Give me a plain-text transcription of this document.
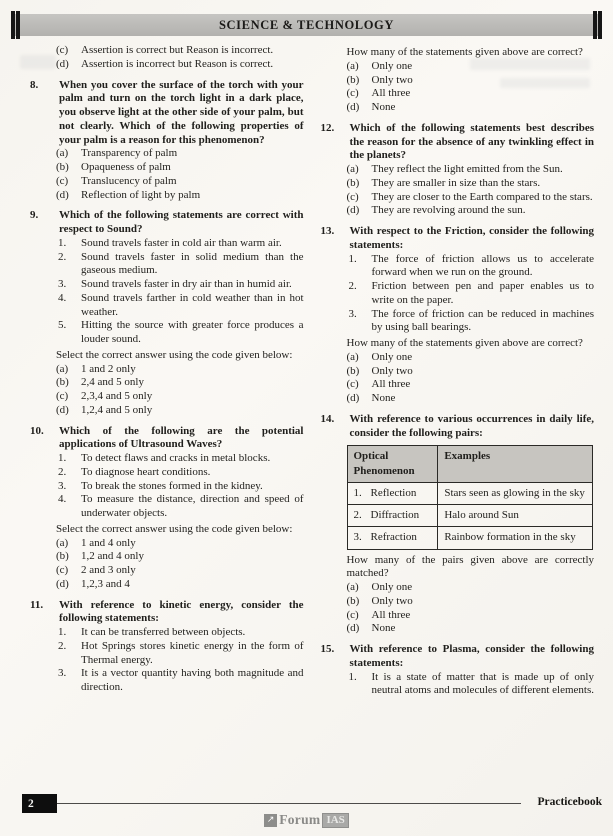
SCIENCE & TECHNOLOGY
(c)	Assertion is correct but Reason is incorrect.
(d)	Assertion is incorrect but Reason is correct.
8.	When you cover the surface of the torch with your palm and turn on the torch light in a dark place, you observe light at the other side of your palm, but not clearly. Which of the following properties of your palm is a reason for this phenomenon?
(a)	Transparency of palm
(b)	Opaqueness of palm
(c)	Translucency of palm
(d)	Reflection of light by palm
9.	Which of the following statements are correct with respect to Sound?
1.	Sound travels faster in cold air than warm air.
2.	Sound travels faster in solid medium than the gaseous medium.
3.	Sound travels faster in dry air than in humid air.
4.	Sound travels farther in cold weather than in hot weather.
5.	Hitting the source with greater force produces a louder sound.
Select the correct answer using the code given below:
(a)	1 and 2 only
(b)	2,4 and 5 only
(c)	2,3,4 and 5 only
(d)	1,2,4 and 5 only
10.	Which of the following are the potential applications of Ultrasound Waves?
1.	To detect flaws and cracks in metal blocks.
2.	To diagnose heart conditions.
3.	To break the stones formed in the kidney.
4.	To measure the distance, direction and speed of underwater objects.
Select the correct answer using the code given below:
(a)	1 and 4 only
(b)	1,2 and 4 only
(c)	2 and 3 only
(d)	1,2,3 and 4
11.	With reference to kinetic energy, consider the following statements:
1.	It can be transferred between objects.
2.	Hot Springs stores kinetic energy in the form of Thermal energy.
3.	It is a vector quantity having both magnitude and direction.
How many of the statements given above are correct?
(a)	Only one
(b)	Only two
(c)	All three
(d)	None
12.	Which of the following statements best describes the reason for the absence of any twinkling effect in the planets?
(a)	They reflect the light emitted from the Sun.
(b)	They are smaller in size than the stars.
(c)	They are closer to the Earth compared to the stars.
(d)	They are revolving around the sun.
13.	With respect to the Friction, consider the following statements:
1.	The force of friction allows us to accelerate forward when we run on the ground.
2.	Friction between pen and paper enables us to write on the paper.
3.	The force of friction can be reduced in machines by using ball bearings.
How many of the statements given above are correct?
(a)	Only one
(b)	Only two
(c)	All three
(d)	None
14.	With reference to various occurrences in daily life, consider the following pairs:
Optical Phenomenon	Examples
1. Reflection	Stars seen as glowing in the sky
2. Diffraction	Halo around Sun
3. Refraction	Rainbow formation in the sky
How many of the pairs given above are correctly matched?
(a)	Only one
(b)	Only two
(c)	All three
(d)	None
15.	With reference to Plasma, consider the following statements:
1.	It is a state of matter that is made up of only neutral atoms and molecules of different elements.
2	Practicebook
↗ Forum IAS
